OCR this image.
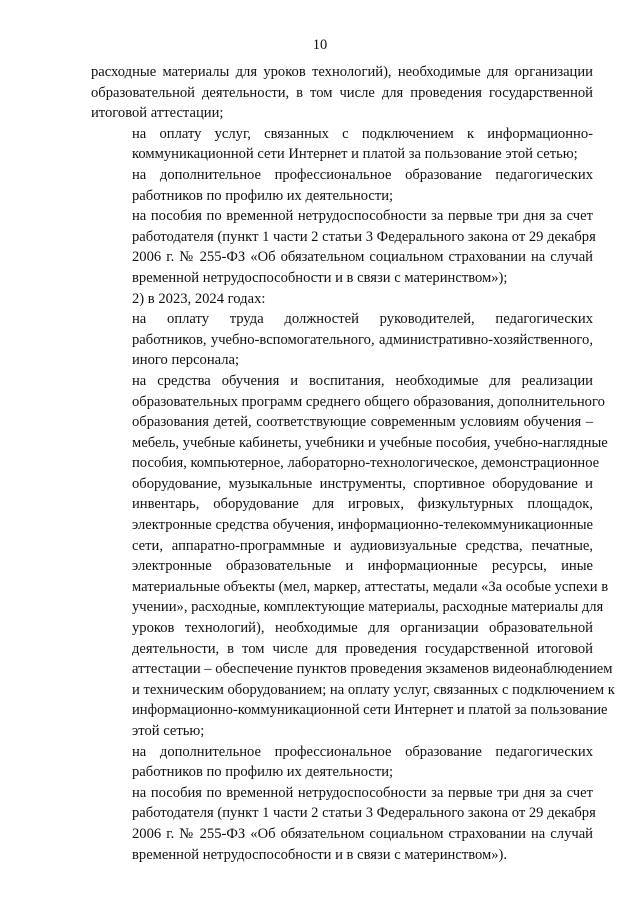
10

расходные материалы для уроков технологий), необходимые для организации
образовательной деятельности, в том числе для проведения государственной
итоговой аттестации;

на оплату услуг, связанных с подключением к информационно-
коммуникационной сети Интернет и платой за пользование этой сетью;

на дополнительное профессиональное образование педагогических
работников по профилю их деятельности;

на пособия по временной нетрудоспособности за первые три дня за счет
работодателя (пункт 1 части 2 статьи 3 Федерального закона от 29 декабря
2006 г. № 255-ФЗ «Об обязательном социальном страховании на случай
временной нетрудоспособности и в связи с материнством»);

2) в 2023, 2024 годах:

на оплату труда должностей руководителей, педагогических
работников, учебно-вспомогательного, административно-хозяйственного,
иного персонала;

на средства обучения и воспитания, необходимые для реализации
образовательных программ среднего общего образования, дополнительного
образования детей, соответствующие современным условиям обучения –
мебель, учебные кабинеты, учебники и учебные пособия, учебно-наглядные
пособия, компьютерное, лабораторно-технологическое, демонстрационное
оборудование, музыкальные инструменты, спортивное оборудование и
инвентарь, оборудование для игровых, физкультурных площадок,
электронные средства обучения, информационно-телекоммуникационные
сети, аппаратно-программные и аудиовизуальные средства, печатные,
электронные образовательные и информационные ресурсы, иные
материальные объекты (мел, маркер, аттестаты, медали «За особые успехи в
учении», расходные, комплектующие материалы, расходные материалы для
уроков технологий), необходимые для организации образовательной
деятельности, в том числе для проведения государственной итоговой
аттестации – обеспечение пунктов проведения экзаменов видеонаблюдением
и техническим оборудованием; на оплату услуг, связанных с подключением к
информационно-коммуникационной сети Интернет и платой за пользование
этой сетью;

на дополнительное профессиональное образование педагогических
работников по профилю их деятельности;

на пособия по временной нетрудоспособности за первые три дня за счет
работодателя (пункт 1 части 2 статьи 3 Федерального закона от 29 декабря
2006 г. № 255-ФЗ «Об обязательном социальном страховании на случай
временной нетрудоспособности и в связи с материнством»).
